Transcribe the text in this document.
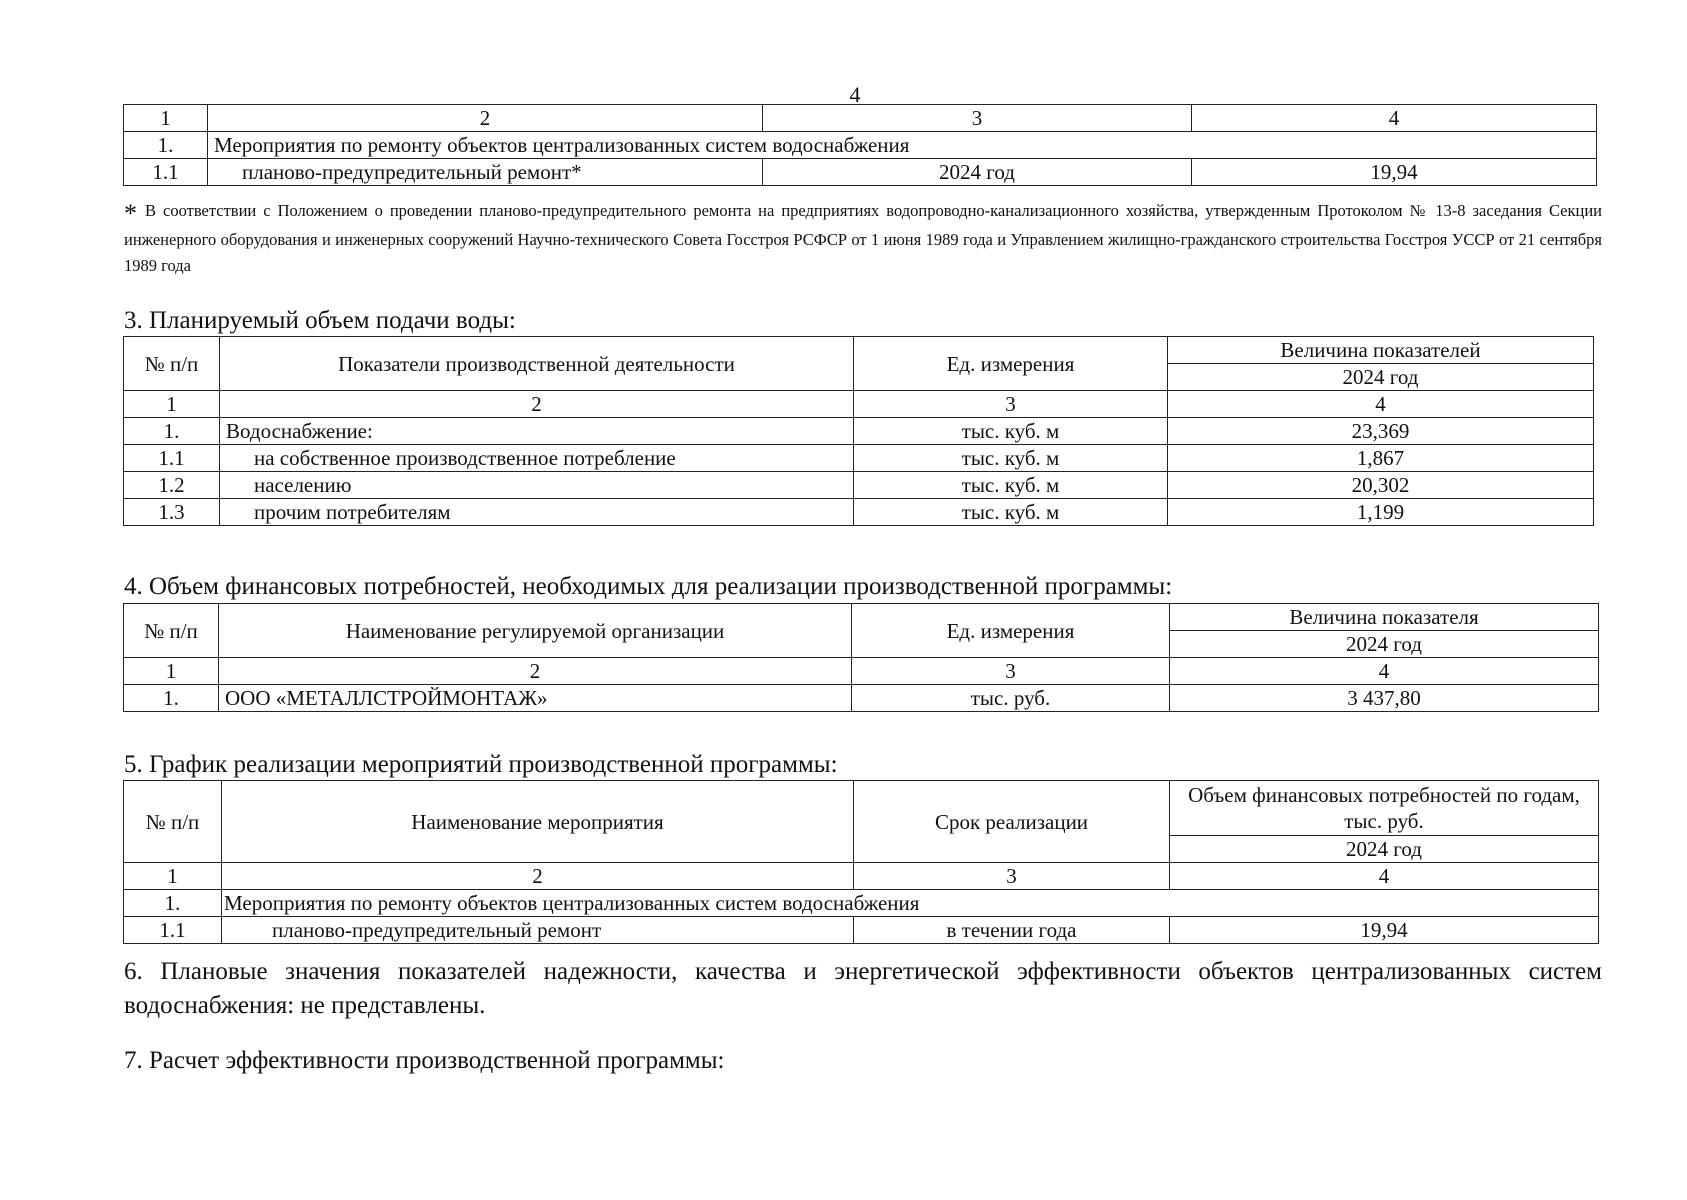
4
1	2	3	4
1.	Мероприятия по ремонту объектов централизованных систем водоснабжения		
1.1	планово-предупредительный ремонт*	2024 год	19,94
* В соответствии с Положением о проведении планово-предупредительного ремонта на предприятиях водопроводно-канализационного хозяйства, утвержденным Протоколом № 13-8 заседания Секции инженерного оборудования и инженерных сооружений Научно-технического Совета Госстроя РСФСР от 1 июня 1989 года и Управлением жилищно-гражданского строительства Госстроя УССР от 21 сентября 1989 года
3. Планируемый объем подачи воды:
№ п/п	Показатели производственной деятельности	Ед. измерения	Величина показателей
			2024 год
1	2	3	4
1.	Водоснабжение:	тыс. куб. м	23,369
1.1	на собственное производственное потребление	тыс. куб. м	1,867
1.2	населению	тыс. куб. м	20,302
1.3	прочим потребителям	тыс. куб. м	1,199
4. Объем финансовых потребностей, необходимых для реализации производственной программы:
№ п/п	Наименование регулируемой организации	Ед. измерения	Величина показателя
			2024 год
1	2	3	4
1.	ООО «МЕТАЛЛСТРОЙМОНТАЖ»	тыс. руб.	3 437,80
5. График реализации мероприятий производственной программы:
№ п/п	Наименование мероприятия	Срок реализации	Объем финансовых потребностей по годам, тыс. руб.
			2024 год
1	2	3	4
1.	Мероприятия по ремонту объектов централизованных систем водоснабжения		
1.1	планово-предупредительный ремонт	в течении года	19,94
6. Плановые значения показателей надежности, качества и энергетической эффективности объектов централизованных систем водоснабжения: не представлены.
7. Расчет эффективности производственной программы:
